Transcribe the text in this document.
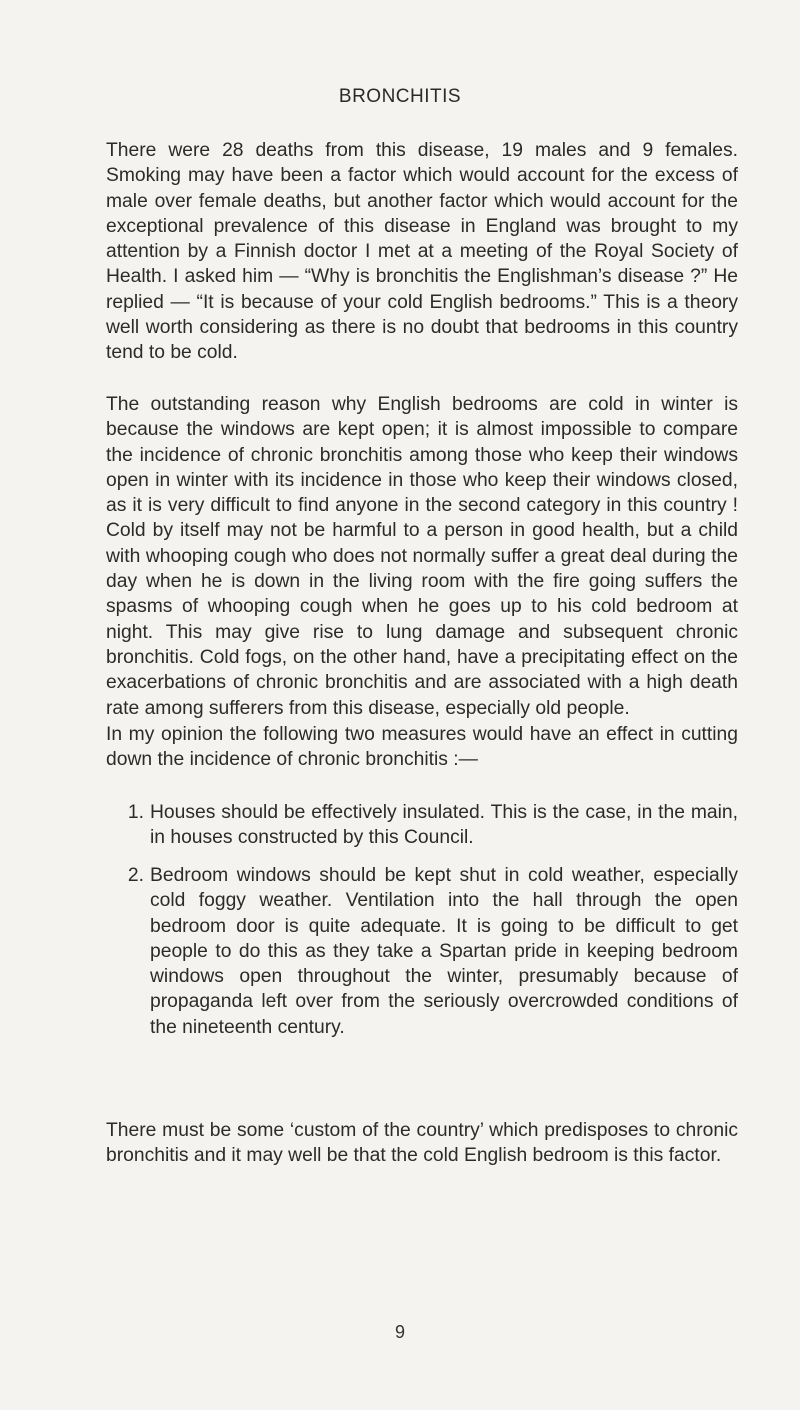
BRONCHITIS

There were 28 deaths from this disease, 19 males and 9 females. Smoking may have been a factor which would account for the excess of male over female deaths, but another factor which would account for the exceptional prevalence of this disease in England was brought to my attention by a Finnish doctor I met at a meeting of the Royal Society of Health. I asked him — “Why is bronchitis the Englishman’s disease ?” He replied — “It is because of your cold English bedrooms.” This is a theory well worth considering as there is no doubt that bedrooms in this country tend to be cold.

The outstanding reason why English bedrooms are cold in winter is because the windows are kept open; it is almost impossible to compare the incidence of chronic bronchitis among those who keep their windows open in winter with its incidence in those who keep their windows closed, as it is very difficult to find anyone in the second category in this country ! Cold by itself may not be harmful to a person in good health, but a child with whooping cough who does not normally suffer a great deal during the day when he is down in the living room with the fire going suffers the spasms of whooping cough when he goes up to his cold bedroom at night. This may give rise to lung damage and subsequent chronic bronchitis. Cold fogs, on the other hand, have a precipitating effect on the exacerbations of chronic bronchitis and are associated with a high death rate among sufferers from this disease, especially old people.

In my opinion the following two measures would have an effect in cutting down the incidence of chronic bronchitis :—

1. Houses should be effectively insulated. This is the case, in the main, in houses constructed by this Council.
2. Bedroom windows should be kept shut in cold weather, especially cold foggy weather. Ventilation into the hall through the open bedroom door is quite adequate. It is going to be difficult to get people to do this as they take a Spartan pride in keeping bedroom windows open throughout the winter, presumably because of propaganda left over from the seriously overcrowded conditions of the nineteenth century.

There must be some ‘custom of the country’ which predisposes to chronic bronchitis and it may well be that the cold English bedroom is this factor.

9
